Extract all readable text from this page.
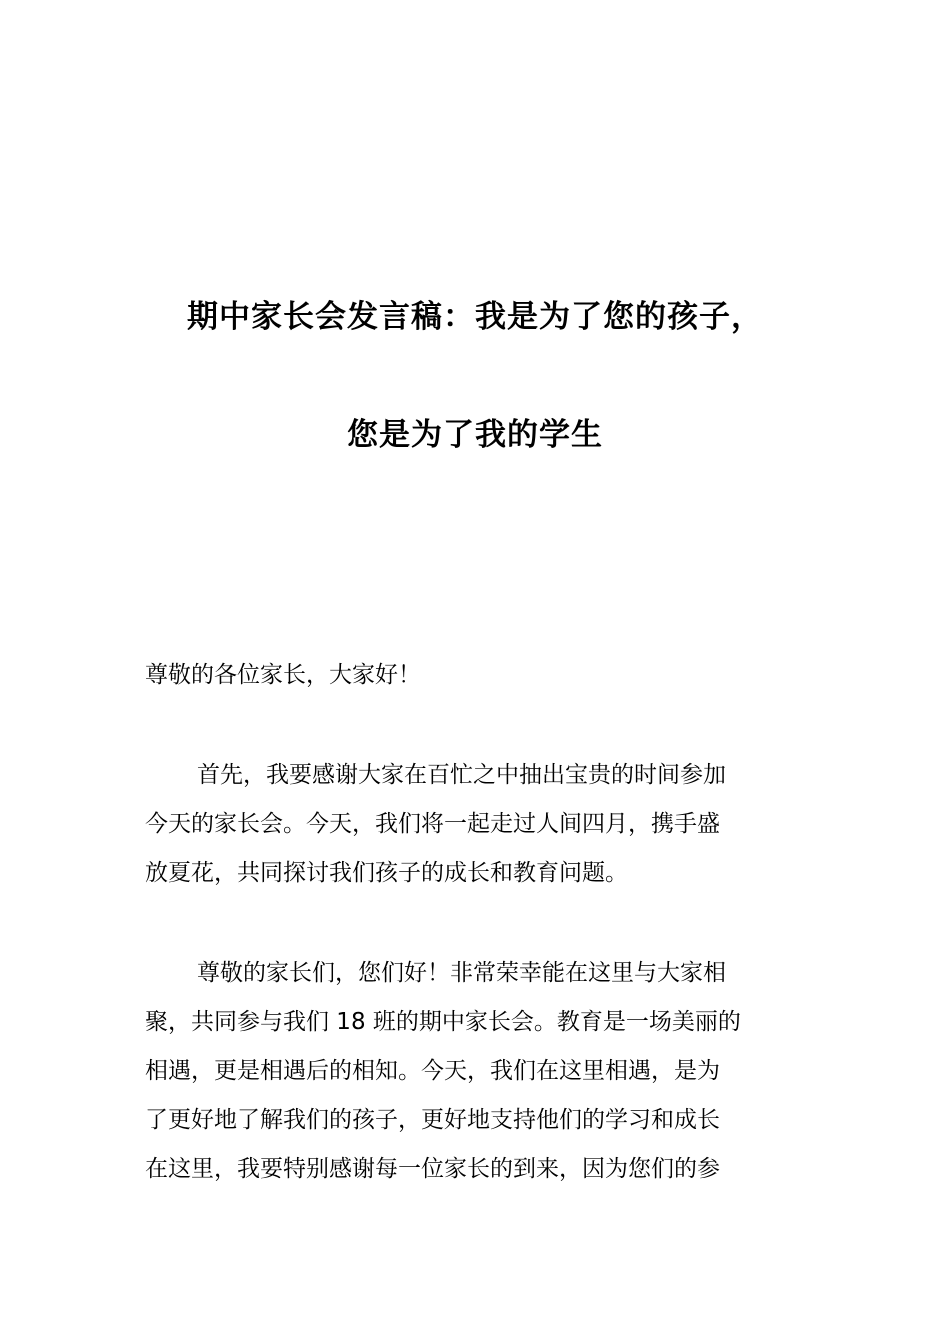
期中家长会发言稿：我是为了您的孩子，
您是为了我的学生
尊敬的各位家长，大家好！
首先，我要感谢大家在百忙之中抽出宝贵的时间参加
今天的家长会。今天，我们将一起走过人间四月，携手盛
放夏花，共同探讨我们孩子的成长和教育问题。
尊敬的家长们，您们好！非常荣幸能在这里与大家相
聚，共同参与我们 18 班的期中家长会。教育是一场美丽的
相遇，更是相遇后的相知。今天，我们在这里相遇，是为
了更好地了解我们的孩子，更好地支持他们的学习和成长
在这里，我要特别感谢每一位家长的到来，因为您们的参
